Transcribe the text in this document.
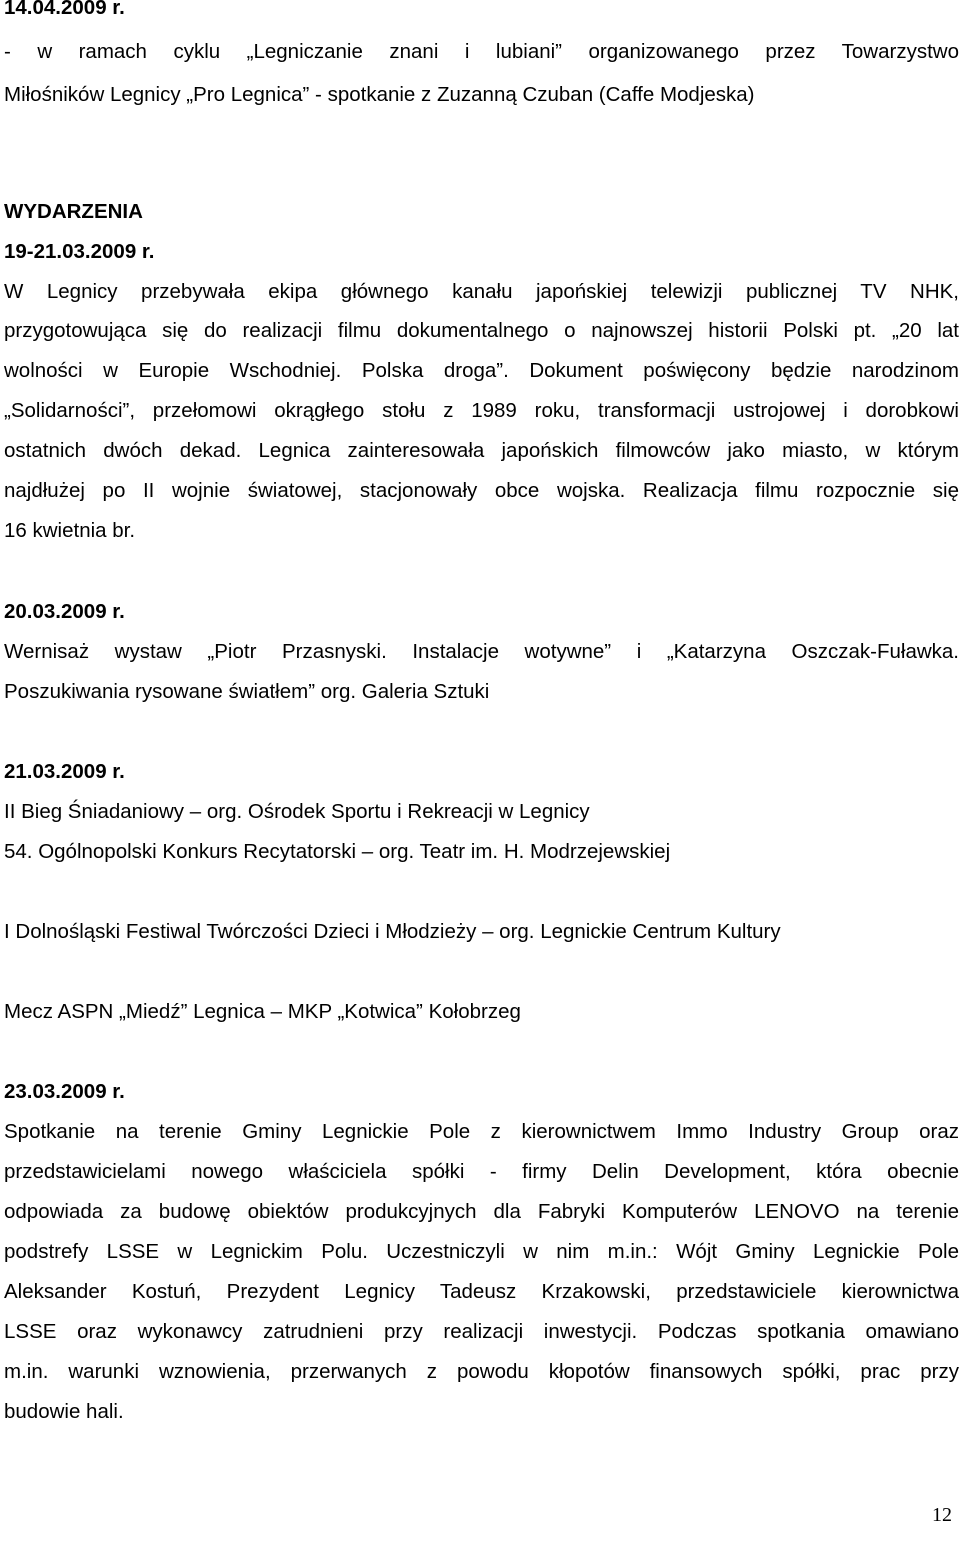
14.04.2009 r.
- w ramach cyklu „Legniczanie znani i lubiani” organizowanego przez Towarzystwo
Miłośników Legnicy „Pro Legnica” - spotkanie z Zuzanną Czuban (Caffe Modjeska)
WYDARZENIA
19-21.03.2009 r.
W Legnicy przebywała ekipa głównego kanału japońskiej telewizji publicznej TV NHK,
przygotowująca się do realizacji filmu dokumentalnego o najnowszej historii Polski pt. „20 lat
wolności w Europie Wschodniej. Polska droga”. Dokument poświęcony będzie narodzinom
„Solidarności”, przełomowi okrągłego stołu z 1989 roku, transformacji ustrojowej i dorobkowi
ostatnich dwóch dekad. Legnica zainteresowała japońskich filmowców jako miasto, w którym
najdłużej po II wojnie światowej, stacjonowały obce wojska. Realizacja filmu rozpocznie się
16 kwietnia br.
20.03.2009 r.
Wernisaż wystaw „Piotr Przasnyski. Instalacje wotywne” i „Katarzyna Oszczak-Fuławka.
Poszukiwania rysowane światłem” org. Galeria Sztuki
21.03.2009 r.
II Bieg Śniadaniowy – org. Ośrodek Sportu i Rekreacji w Legnicy
54. Ogólnopolski Konkurs Recytatorski – org. Teatr im. H. Modrzejewskiej
I Dolnośląski Festiwal Twórczości Dzieci i Młodzieży – org. Legnickie Centrum Kultury
Mecz ASPN „Miedź” Legnica – MKP „Kotwica” Kołobrzeg
23.03.2009 r.
Spotkanie na terenie Gminy Legnickie Pole z kierownictwem Immo Industry Group oraz
przedstawicielami nowego właściciela spółki - firmy Delin Development, która obecnie
odpowiada za budowę obiektów produkcyjnych dla Fabryki Komputerów LENOVO na terenie
podstrefy LSSE w Legnickim Polu. Uczestniczyli w nim m.in.: Wójt Gminy Legnickie Pole
Aleksander Kostuń, Prezydent Legnicy Tadeusz Krzakowski, przedstawiciele kierownictwa
LSSE oraz wykonawcy zatrudnieni przy realizacji inwestycji. Podczas spotkania omawiano
m.in. warunki wznowienia, przerwanych z powodu kłopotów finansowych spółki, prac przy
budowie hali.
12
